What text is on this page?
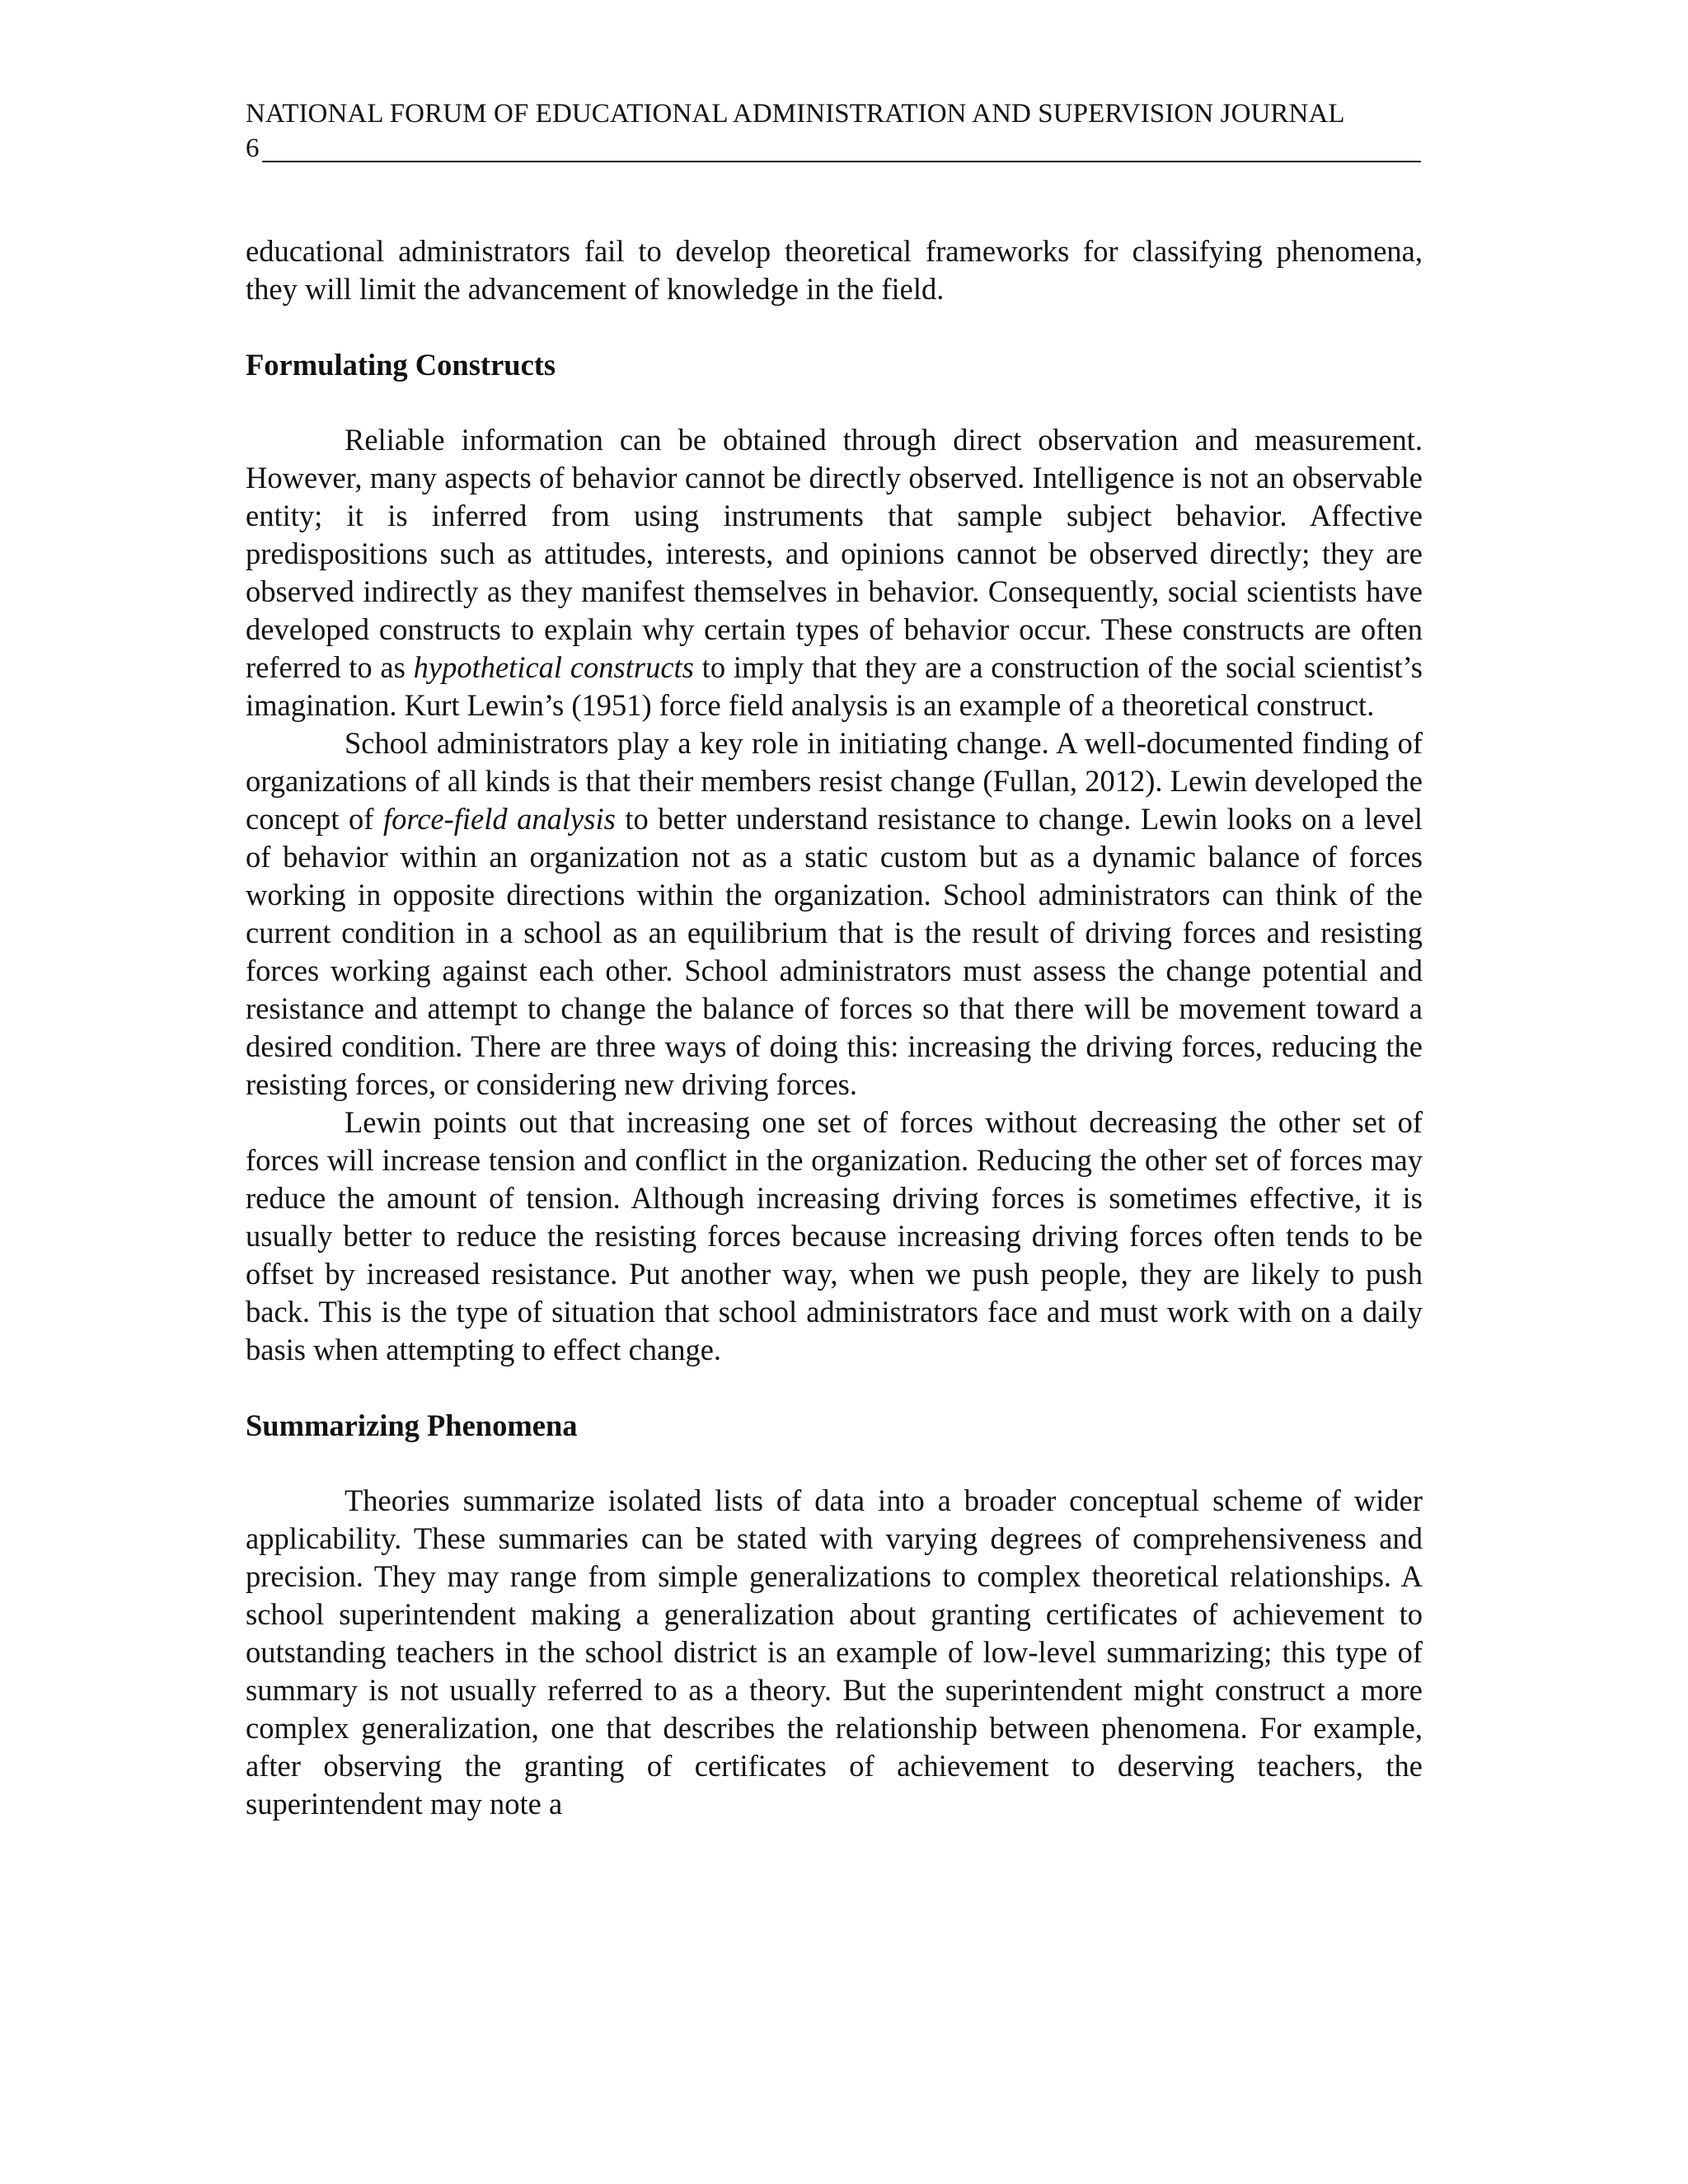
NATIONAL FORUM OF EDUCATIONAL ADMINISTRATION AND SUPERVISION JOURNAL
6

educational administrators fail to develop theoretical frameworks for classifying phenomena, they will limit the advancement of knowledge in the field.

Formulating Constructs

Reliable information can be obtained through direct observation and measurement. However, many aspects of behavior cannot be directly observed. Intelligence is not an observable entity; it is inferred from using instruments that sample subject behavior. Affective predispositions such as attitudes, interests, and opinions cannot be observed directly; they are observed indirectly as they manifest themselves in behavior. Consequently, social scientists have developed constructs to explain why certain types of behavior occur. These constructs are often referred to as hypothetical constructs to imply that they are a construction of the social scientist’s imagination. Kurt Lewin’s (1951) force field analysis is an example of a theoretical construct.

School administrators play a key role in initiating change. A well-documented finding of organizations of all kinds is that their members resist change (Fullan, 2012). Lewin developed the concept of force-field analysis to better understand resistance to change. Lewin looks on a level of behavior within an organization not as a static custom but as a dynamic balance of forces working in opposite directions within the organization. School administrators can think of the current condition in a school as an equilibrium that is the result of driving forces and resisting forces working against each other. School administrators must assess the change potential and resistance and attempt to change the balance of forces so that there will be movement toward a desired condition. There are three ways of doing this: increasing the driving forces, reducing the resisting forces, or considering new driving forces.

Lewin points out that increasing one set of forces without decreasing the other set of forces will increase tension and conflict in the organization. Reducing the other set of forces may reduce the amount of tension. Although increasing driving forces is sometimes effective, it is usually better to reduce the resisting forces because increasing driving forces often tends to be offset by increased resistance. Put another way, when we push people, they are likely to push back. This is the type of situation that school administrators face and must work with on a daily basis when attempting to effect change.

Summarizing Phenomena

Theories summarize isolated lists of data into a broader conceptual scheme of wider applicability. These summaries can be stated with varying degrees of comprehensiveness and precision. They may range from simple generalizations to complex theoretical relationships. A school superintendent making a generalization about granting certificates of achievement to outstanding teachers in the school district is an example of low-level summarizing; this type of summary is not usually referred to as a theory. But the superintendent might construct a more complex generalization, one that describes the relationship between phenomena. For example, after observing the granting of certificates of achievement to deserving teachers, the superintendent may note a
